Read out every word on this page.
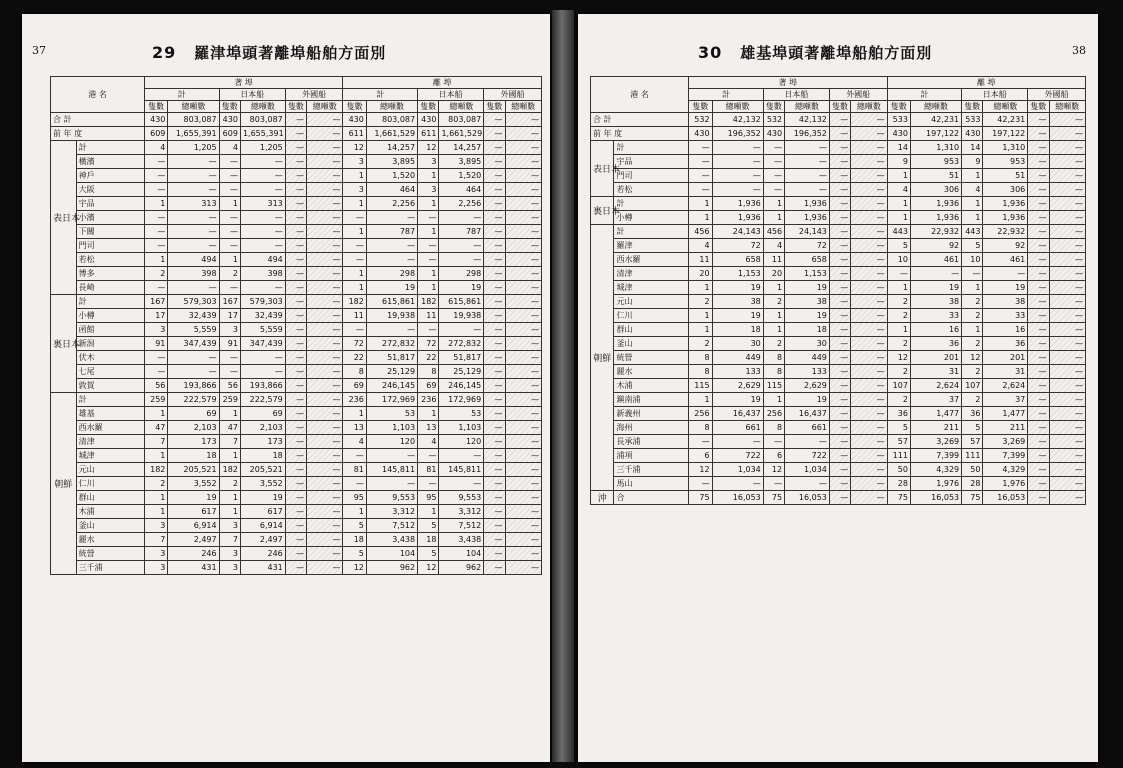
37	29 羅津埠頭著離埠船舶方面別
港 名		著 埠						離 埠					
		計		日本船		外國船		計		日本船		外國船	
		隻數	總噸數	隻數	總噸數	隻數	總噸數	隻數	總噸數	隻數	總噸數	隻數	總噸數
合 計		430	803,087	430	803,087	—	—	430	803,087	430	803,087	—	—
前 年 度		609	1,655,391	609	1,655,391	—	—	611	1,661,529	611	1,661,529	—	—
表日本	計	4	1,205	4	1,205	—	—	12	14,257	12	14,257	—	—
	橫濱	—	—	—	—	—	—	3	3,895	3	3,895	—	—
	神戶	—	—	—	—	—	—	1	1,520	1	1,520	—	—
	大阪	—	—	—	—	—	—	3	464	3	464	—	—
	宇品	1	313	1	313	—	—	1	2,256	1	2,256	—	—
	小濱	—	—	—	—	—	—	—	—	—	—	—	—
	下關	—	—	—	—	—	—	1	787	1	787	—	—
	門司	—	—	—	—	—	—	—	—	—	—	—	—
	若松	1	494	1	494	—	—	—	—	—	—	—	—
	博多	2	398	2	398	—	—	1	298	1	298	—	—
	長崎	—	—	—	—	—	—	1	19	1	19	—	—
裏日本	計	167	579,303	167	579,303	—	—	182	615,861	182	615,861	—	—
	小樽	17	32,439	17	32,439	—	—	11	19,938	11	19,938	—	—
	函館	3	5,559	3	5,559	—	—	—	—	—	—	—	—
	新潟	91	347,439	91	347,439	—	—	72	272,832	72	272,832	—	—
	伏木	—	—	—	—	—	—	22	51,817	22	51,817	—	—
	七尾	—	—	—	—	—	—	8	25,129	8	25,129	—	—
	敦賀	56	193,866	56	193,866	—	—	69	246,145	69	246,145	—	—
朝鮮	計	259	222,579	259	222,579	—	—	236	172,969	236	172,969	—	—
	雄基	1	69	1	69	—	—	1	53	1	53	—	—
	西水羅	47	2,103	47	2,103	—	—	13	1,103	13	1,103	—	—
	清津	7	173	7	173	—	—	4	120	4	120	—	—
	城津	1	18	1	18	—	—	—	—	—	—	—	—
	元山	182	205,521	182	205,521	—	—	81	145,811	81	145,811	—	—
	仁川	2	3,552	2	3,552	—	—	—	—	—	—	—	—
	群山	1	19	1	19	—	—	95	9,553	95	9,553	—	—
	木浦	1	617	1	617	—	—	1	3,312	1	3,312	—	—
	釜山	3	6,914	3	6,914	—	—	5	7,512	5	7,512	—	—
	麗水	7	2,497	7	2,497	—	—	18	3,438	18	3,438	—	—
	統營	3	246	3	246	—	—	5	104	5	104	—	—
	三千浦	3	431	3	431	—	—	12	962	12	962	—	—
38
30 雄基埠頭著離埠船舶方面別
港 名		著 埠						離 埠					
		計		日本船		外國船		計		日本船		外國船	
		隻數	總噸數	隻數	總噸數	隻數	總噸數	隻數	總噸數	隻數	總噸數	隻數	總噸數
合 計		532	42,132	532	42,132	—	—	533	42,231	533	42,231	—	—
前 年 度		430	196,352	430	196,352	—	—	430	197,122	430	197,122	—	—
表日本	計	—	—	—	—	—	—	14	1,310	14	1,310	—	—
	宇品	—	—	—	—	—	—	9	953	9	953	—	—
	門司	—	—	—	—	—	—	1	51	1	51	—	—
	若松	—	—	—	—	—	—	4	306	4	306	—	—
裏日本	計	1	1,936	1	1,936	—	—	1	1,936	1	1,936	—	—
	小樽	1	1,936	1	1,936	—	—	1	1,936	1	1,936	—	—
朝鮮	計	456	24,143	456	24,143	—	—	443	22,932	443	22,932	—	—
	羅津	4	72	4	72	—	—	5	92	5	92	—	—
	西水羅	11	658	11	658	—	—	10	461	10	461	—	—
	清津	20	1,153	20	1,153	—	—	—	—	—	—	—	—
	城津	1	19	1	19	—	—	1	19	1	19	—	—
	元山	2	38	2	38	—	—	2	38	2	38	—	—
	仁川	1	19	1	19	—	—	2	33	2	33	—	—
	群山	1	18	1	18	—	—	1	16	1	16	—	—
	釜山	2	30	2	30	—	—	2	36	2	36	—	—
	統營	8	449	8	449	—	—	12	201	12	201	—	—
	麗水	8	133	8	133	—	—	2	31	2	31	—	—
	木浦	115	2,629	115	2,629	—	—	107	2,624	107	2,624	—	—
	鎭南浦	1	19	1	19	—	—	2	37	2	37	—	—
	新義州	256	16,437	256	16,437	—	—	36	1,477	36	1,477	—	—
	海州	8	661	8	661	—	—	5	211	5	211	—	—
	長承浦	—	—	—	—	—	—	57	3,269	57	3,269	—	—
	浦項	6	722	6	722	—	—	111	7,399	111	7,399	—	—
	三千浦	12	1,034	12	1,034	—	—	50	4,329	50	4,329	—	—
	馬山	—	—	—	—	—	—	28	1,976	28	1,976	—	—
沖	合	75	16,053	75	16,053	—	—	75	16,053	75	16,053	—	—
